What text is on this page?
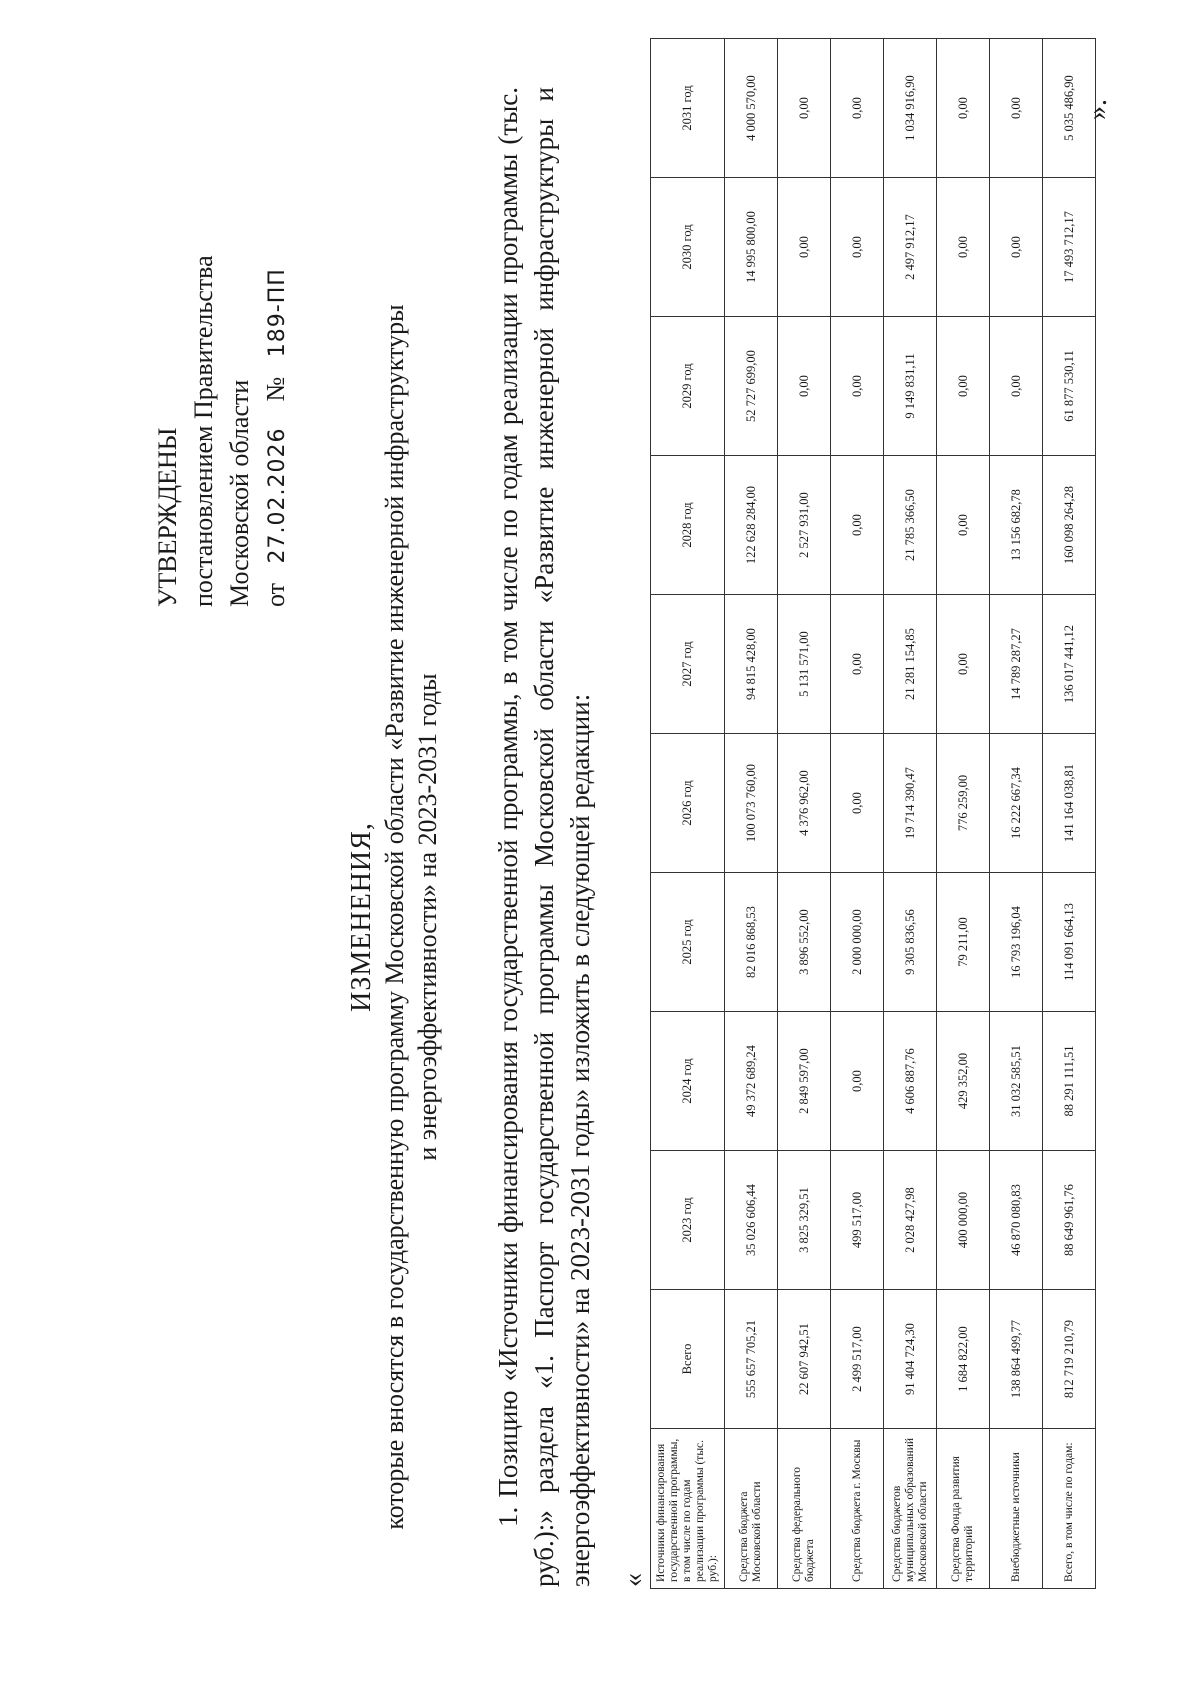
УТВЕРЖДЕНЫ постановлением Правительства Московской области от   27.02.2026    №   189-ПП
ИЗМЕНЕНИЯ, которые вносятся в государственную программу Московской области «Развитие инженерной инфраструктуры и энергоэффективности» на 2023-2031 годы 1. Позицию «Источники финансирования государственной программы, в том числе по годам реализации программы (тыс. руб.):» раздела «1. Паспорт государственной программы Московской области «Развитие инженерной инфраструктуры и энергоэффективности» на 2023-2031 годы» изложить в следующей редакции: « Источники финансирования государственной программы, в том числе по годам реализации программы (тыс. руб.):	Всего	2023 год	2024 год	2025 год	2026 год	2027 год	2028 год	2029 год	2030 год	2031 год
Средства бюджета Московской области	555 657 705,21	35 026 606,44	49 372 689,24	82 016 868,53	100 073 760,00	94 815 428,00	122 628 284,00	52 727 699,00	14 995 800,00	4 000 570,00
Средства федерального бюджета	22 607 942,51	3 825 329,51	2 849 597,00	3 896 552,00	4 376 962,00	5 131 571,00	2 527 931,00	0,00	0,00	0,00
Средства бюджета г. Москвы	2 499 517,00	499 517,00	0,00	2 000 000,00	0,00	0,00	0,00	0,00	0,00	0,00
Средства бюджетов муниципальных образований Московской области	91 404 724,30	2 028 427,98	4 606 887,76	9 305 836,56	19 714 390,47	21 281 154,85	21 785 366,50	9 149 831,11	2 497 912,17	1 034 916,90
Средства Фонда развития территорий	1 684 822,00	400 000,00	429 352,00	79 211,00	776 259,00	0,00	0,00	0,00	0,00	0,00
Внебюджетные источники	138 864 499,77	46 870 080,83	31 032 585,51	16 793 196,04	16 222 667,34	14 789 287,27	13 156 682,78	0,00	0,00	0,00
Всего, в том числе по годам:	812 719 210,79	88 649 961,76	88 291 111,51	114 091 664,13	141 164 038,81	136 017 441,12	160 098 264,28	61 877 530,11	17 493 712,17	5 035 486,90 ».
